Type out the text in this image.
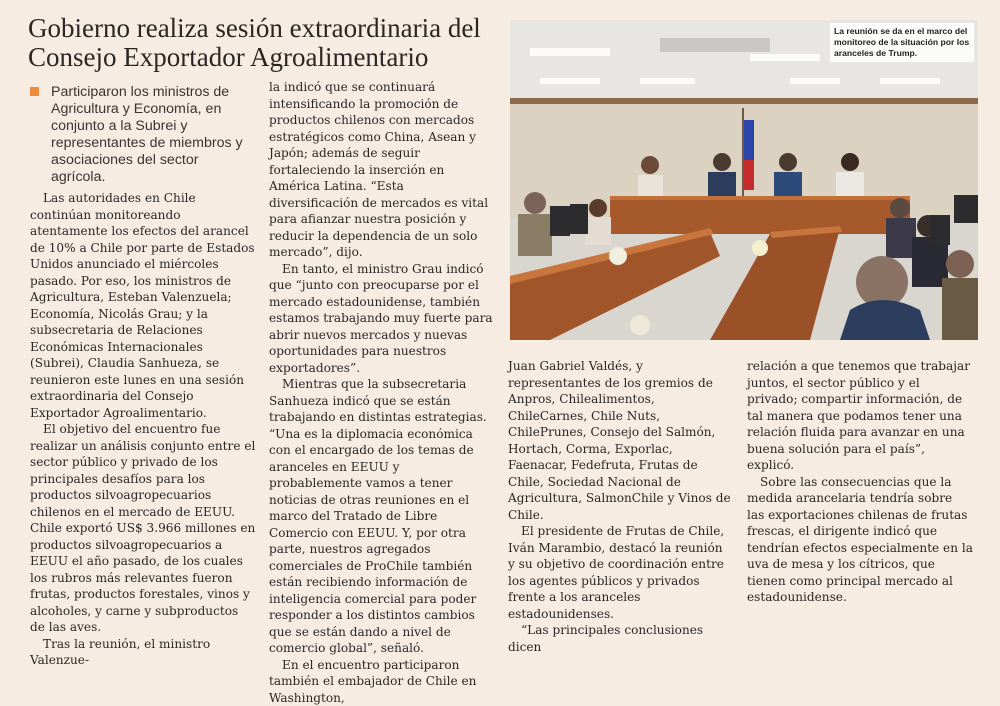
Gobierno realiza sesión extraordinaria del Consejo Exportador Agroalimentario

Participaron los ministros de Agricultura y Economía, en conjunto a la Subrei y representantes de miembros y asociaciones del sector agrícola.

Las autoridades en Chile continúan monitoreando atentamente los efectos del arancel de 10% a Chile por parte de Estados Unidos anunciado el miércoles pasado. Por eso, los ministros de Agricultura, Esteban Valenzuela; Economía, Nicolás Grau; y la subsecretaria de Relaciones Económicas Internacionales (Subrei), Claudia Sanhueza, se reunieron este lunes en una sesión extraordinaria del Consejo Exportador Agroalimentario.

El objetivo del encuentro fue realizar un análisis conjunto entre el sector público y privado de los principales desafíos para los productos silvoagropecuarios chilenos en el mercado de EEUU.

Chile exportó US$ 3.966 millones en productos silvoagropecuarios a EEUU el año pasado, de los cuales los rubros más relevantes fueron frutas, productos forestales, vinos y alcoholes, y carne y subproductos de las aves.

Tras la reunión, el ministro Valenzue-

la indicó que se continuará intensificando la promoción de productos chilenos con mercados estratégicos como China, Asean y Japón; además de seguir fortaleciendo la inserción en América Latina. “Esta diversificación de mercados es vital para afianzar nuestra posición y reducir la dependencia de un solo mercado”, dijo.

En tanto, el ministro Grau indicó que “junto con preocuparse por el mercado estadounidense, también estamos trabajando muy fuerte para abrir nuevos mercados y nuevas oportunidades para nuestros exportadores”.

Mientras que la subsecretaria Sanhueza indicó que se están trabajando en distintas estrategias. “Una es la diplomacia económica con el encargado de los temas de aranceles en EEUU y probablemente vamos a tener noticias de otras reuniones en el marco del Tratado de Libre Comercio con EEUU. Y, por otra parte, nuestros agregados comerciales de ProChile también están recibiendo información de inteligencia comercial para poder responder a los distintos cambios que se están dando a nivel de comercio global”, señaló.

En el encuentro participaron también el embajador de Chile en Washington,

Juan Gabriel Valdés, y representantes de los gremios de Anpros, Chilealimentos, ChileCarnes, Chile Nuts, ChilePrunes, Consejo del Salmón, Hortach, Corma, Exporlac, Faenacar, Fedefruta, Frutas de Chile, Sociedad Nacional de Agricultura, SalmonChile y Vinos de Chile.

El presidente de Frutas de Chile, Iván Marambio, destacó la reunión y su objetivo de coordinación entre los agentes públicos y privados frente a los aranceles estadounidenses.

“Las principales conclusiones dicen

relación a que tenemos que trabajar juntos, el sector público y el privado; compartir información, de tal manera que podamos tener una relación fluida para avanzar en una buena solución para el país”, explicó.

Sobre las consecuencias que la medida arancelaria tendría sobre las exportaciones chilenas de frutas frescas, el dirigente indicó que tendrían efectos especialmente en la uva de mesa y los cítricos, que tienen como principal mercado al estadounidense.

La reunión se da en el marco del monitoreo de la situación por los aranceles de Trump.
